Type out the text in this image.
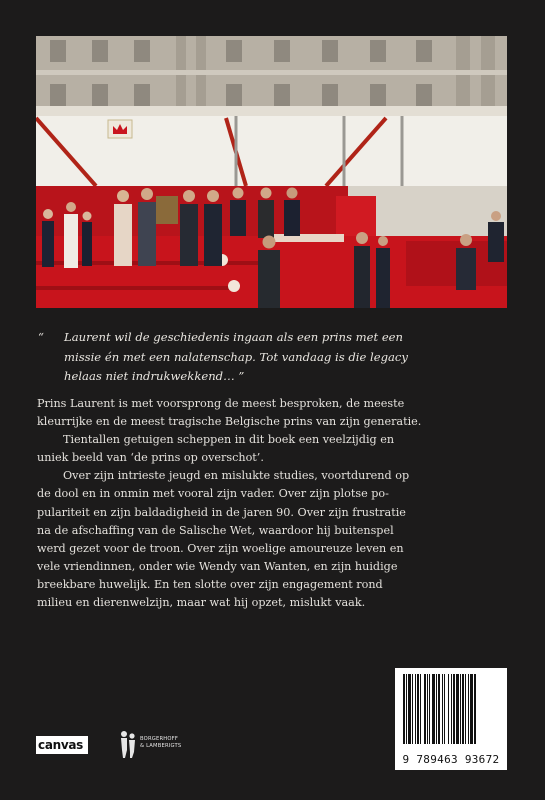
“	Laurent wil de geschiedenis ingaan als een prins met een
missie én met een nalatenschap. Tot vandaag is die legacy
helaas niet indrukwekkend… ”
Prins Laurent is met voorsprong de meest besproken, de meeste
kleurrijke en de meest tragische Belgische prins van zijn generatie.
Tientallen getuigen scheppen in dit boek een veelzijdig en
uniek beeld van ‘de prins op overschot’.
Over zijn intrieste jeugd en mislukte studies, voortdurend op
de dool en in onmin met vooral zijn vader. Over zijn plotse po-
pulariteit en zijn baldadigheid in de jaren 90. Over zijn frustratie
na de afschaffing van de Salische Wet, waardoor hij buitenspel
werd gezet voor de troon. Over zijn woelige amoureuze leven en
vele vriendinnen, onder wie Wendy van Wanten, en zijn huidige
breekbare huwelijk. En ten slotte over zijn engagement rond
milieu en dierenwelzijn, maar wat hij opzet, mislukt vaak.
9 789463 93672
canvas	BORGERHOFF
& LAMBERIGTS
